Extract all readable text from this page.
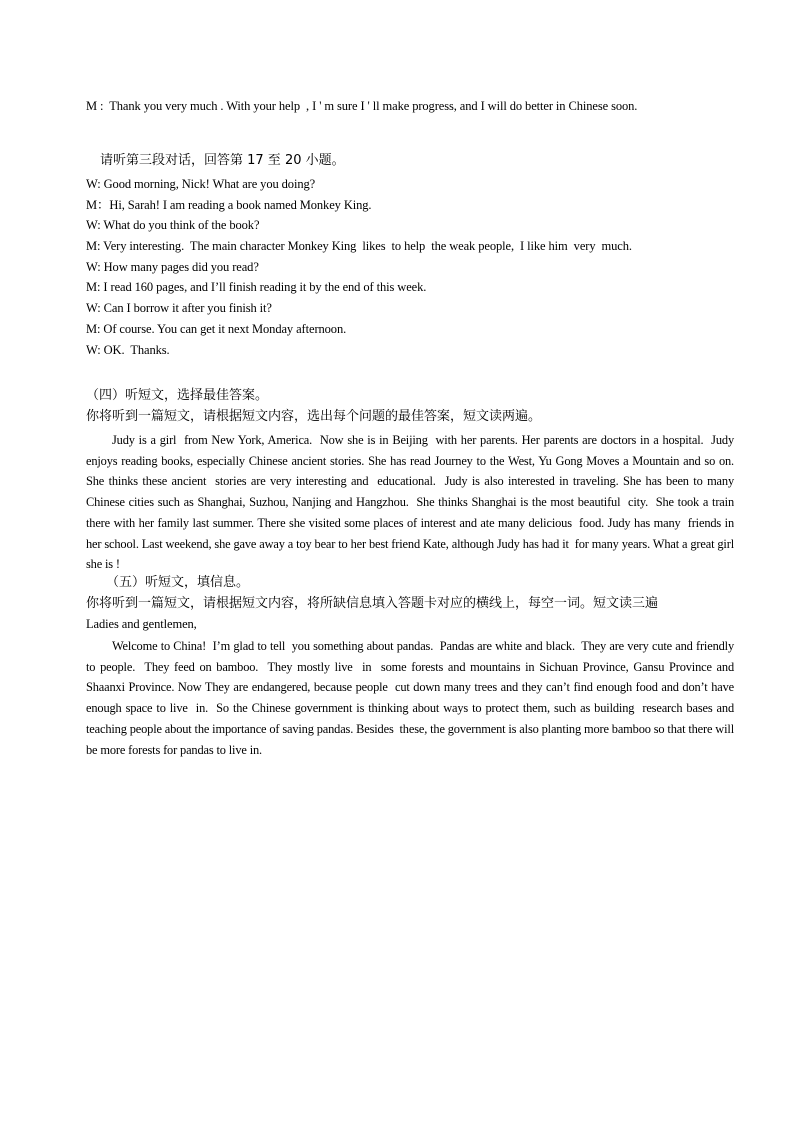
M :  Thank you very much . With your help  , I ' m sure I ' ll make progress, and I will do better in Chinese soon.
请听第三段对话，回答第 17 至 20 小题。
W: Good morning, Nick! What are you doing?
M：Hi, Sarah! I am reading a book named Monkey King.
W: What do you think of the book?
M: Very interesting.  The main character Monkey King  likes  to help  the weak people,  I like him  very  much.
W: How many pages did you read?
M: I read 160 pages, and I’ll finish reading it by the end of this week.
W: Can I borrow it after you finish it?
M: Of course. You can get it next Monday afternoon.
W: OK.  Thanks.
（四）听短文，选择最佳答案。
你将听到一篇短文，请根据短文内容，选出每个问题的最佳答案，短文读两遍。
Judy is a girl  from New York, America.  Now she is in Beijing  with her parents. Her parents are doctors in a hospital.  Judy enjoys reading books, especially Chinese ancient stories. She has read Journey to the West, Yu Gong Moves a Mountain and so on. She thinks these ancient  stories are very interesting and  educational.  Judy is also interested in traveling. She has been to many Chinese cities such as Shanghai, Suzhou, Nanjing and Hangzhou.  She thinks Shanghai is the most beautiful  city.  She took a train there with her family last summer. There she visited some places of interest and ate many delicious  food. Judy has many  friends in her school. Last weekend, she gave away a toy bear to her best friend Kate, although Judy has had it  for many years. What a great girl she is !
（五）听短文，填信息。
你将听到一篇短文，请根据短文内容，将所缺信息填入答题卡对应的横线上，每空一词。短文读三遍
Ladies and gentlemen,
Welcome to China!  I’m glad to tell  you something about pandas.  Pandas are white and black.  They are very cute and friendly to people.  They feed on bamboo.  They mostly live  in  some forests and mountains in Sichuan Province, Gansu Province and Shaanxi Province. Now They are endangered, because people  cut down many trees and they can’t find enough food and don’t have enough space to live  in.  So the Chinese government is thinking about ways to protect them, such as building  research bases and teaching people about the importance of saving pandas. Besides  these, the government is also planting more bamboo so that there will be more forests for pandas to live in.
